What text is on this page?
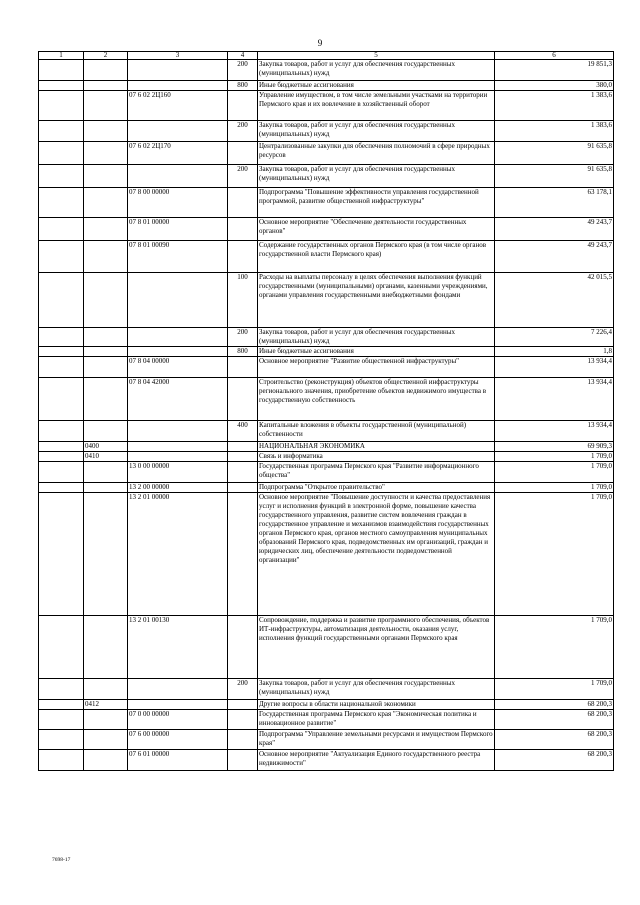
9
1	2	3	4	5	6
			200	Закупка товаров, работ и услуг для обеспечения государственных (муниципальных) нужд	19 851,3
			800	Иные бюджетные ассигнования	380,0
		07 6 02 2Ц160		Управление имуществом, в том числе земельными участками на территории Пермского края и их вовлечение в хозяйственный оборот	1 383,6
			200	Закупка товаров, работ и услуг для обеспечения государственных (муниципальных) нужд	1 383,6
		07 6 02 2Ц170		Централизованные закупки для обеспечения полномочий в сфере природных ресурсов	91 635,8
			200	Закупка товаров, работ и услуг для обеспечения государственных (муниципальных) нужд	91 635,8
		07 8 00 00000		Подпрограмма "Повышение эффективности управления государственной программой, развитие общественной инфраструктуры"	63 178,1
		07 8 01 00000		Основное мероприятие "Обеспечение деятельности государственных органов"	49 243,7
		07 8 01 00090		Содержание государственных органов Пермского края (в том числе органов государственной власти Пермского края)	49 243,7
			100	Расходы на выплаты персоналу в целях обеспечения выполнения функций государственными (муниципальными) органами, казенными учреждениями, органами управления государственными внебюджетными фондами	42 015,5
			200	Закупка товаров, работ и услуг для обеспечения государственных (муниципальных) нужд	7 226,4
			800	Иные бюджетные ассигнования	1,8
		07 8 04 00000		Основное мероприятие "Развитие общественной инфраструктуры"	13 934,4
		07 8 04 42000		Строительство (реконструкция) объектов общественной инфраструктуры регионального значения, приобретение объектов недвижимого имущества в государственную собственность	13 934,4
			400	Капитальные вложения в объекты государственной (муниципальной) собственности	13 934,4
	0400			НАЦИОНАЛЬНАЯ ЭКОНОМИКА	69 909,3
	0410			Связь и информатика	1 709,0
		13 0 00 00000		Государственная программа Пермского края "Развитие информационного общества"	1 709,0
		13 2 00 00000		Подпрограмма "Открытое правительство"	1 709,0
		13 2 01 00000		Основное мероприятие "Повышение доступности и качества предоставления услуг и исполнения функций в электронной форме, повышение качества государственного управления, развитие систем вовлечения граждан в государственное управление и механизмов взаимодействия государственных органов Пермского края, органов местного самоуправления муниципальных образований Пермского края, подведомственных им организаций, граждан и юридических лиц, обеспечение деятельности подведомственной организации"	1 709,0
		13 2 01 00130		Сопровождение, поддержка и развитие программного обеспечения, объектов ИТ-инфраструктуры, автоматизация деятельности, оказания услуг, исполнения функций государственными органами Пермского края	1 709,0
			200	Закупка товаров, работ и услуг для обеспечения государственных (муниципальных) нужд	1 709,0
	0412			Другие вопросы в области национальной экономики	68 200,3
		07 0 00 00000		Государственная программа Пермского края "Экономическая политика и инновационное развитие"	68 200,3
		07 6 00 00000		Подпрограмма "Управление земельными ресурсами и имуществом Пермского края"	68 200,3
		07 6 01 00000		Основное мероприятие "Актуализация Единого государственного реестра недвижимости"	68 200,3
7698-17
